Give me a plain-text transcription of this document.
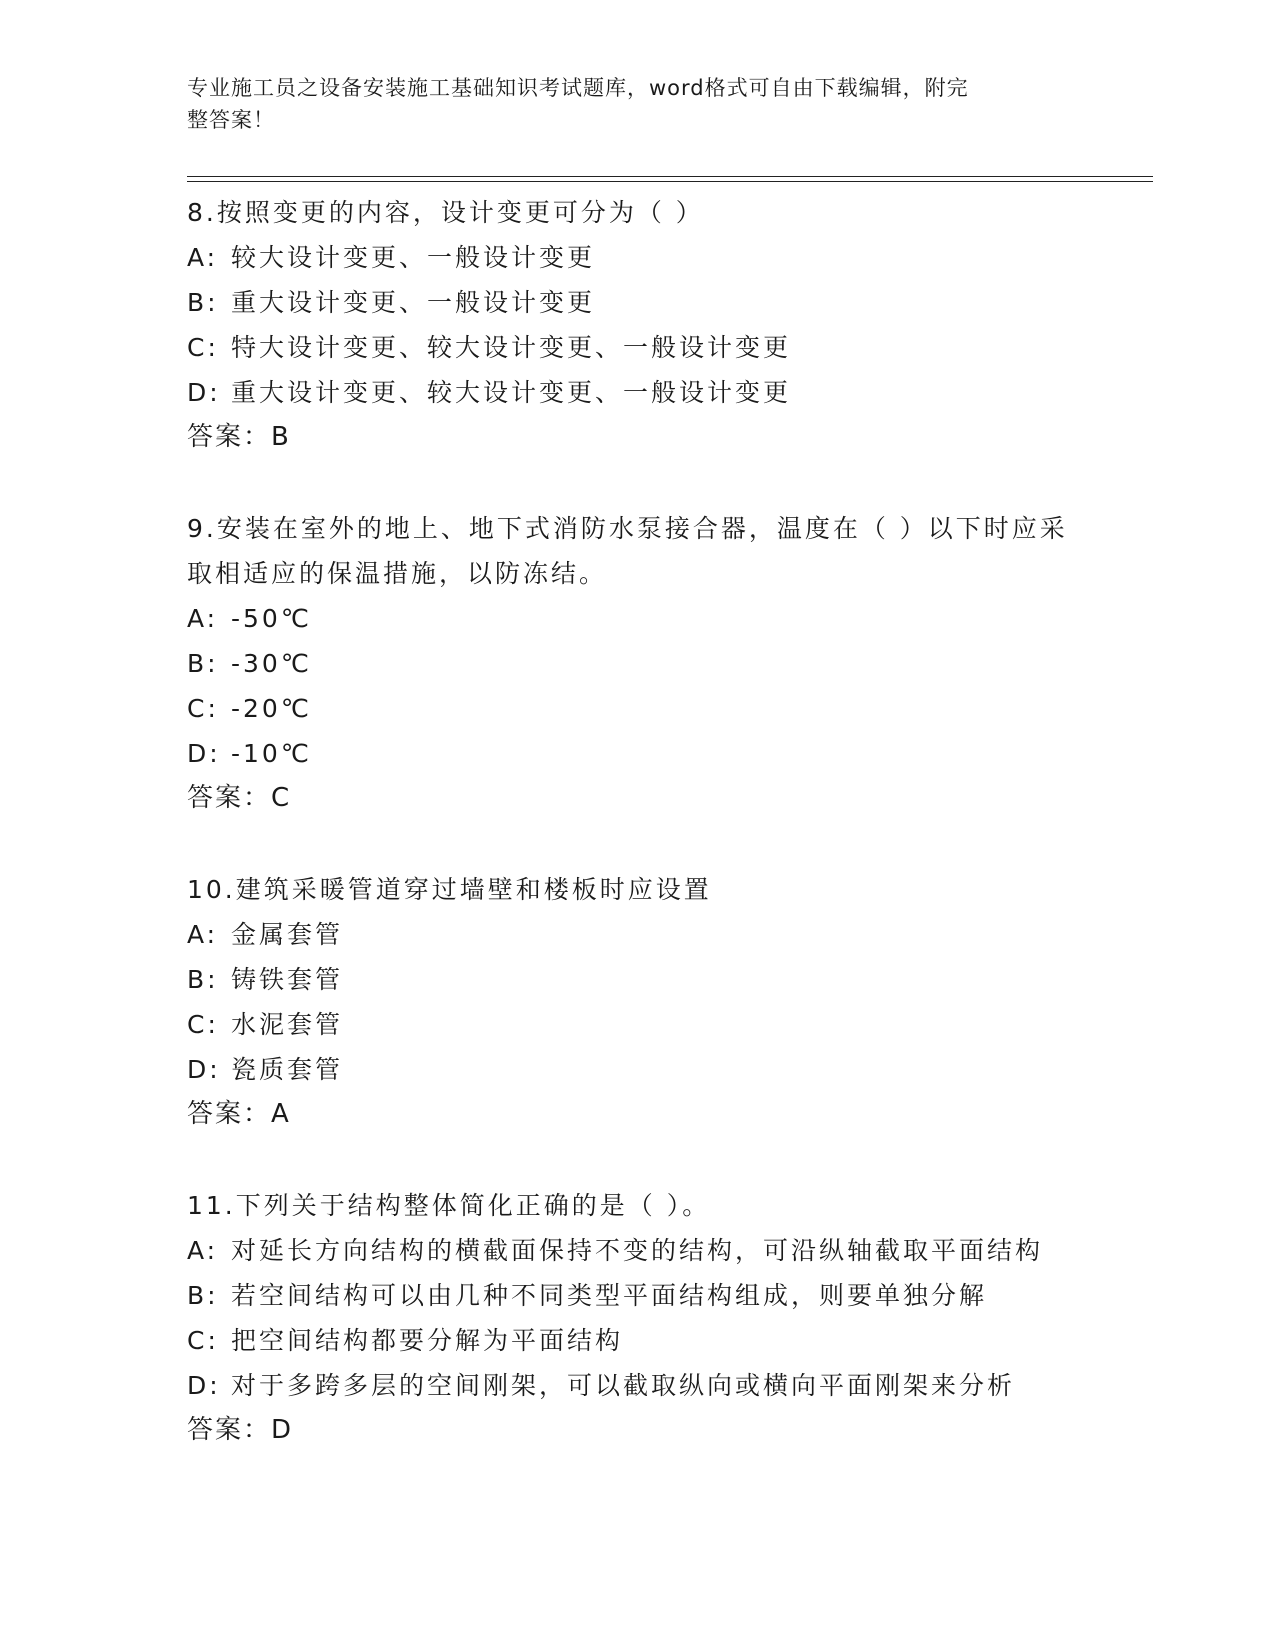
专业施工员之设备安装施工基础知识考试题库，word格式可自由下载编辑，附完
整答案！

8.按照变更的内容，设计变更可分为（ ）

A: 较大设计变更、一般设计变更
B: 重大设计变更、一般设计变更
C: 特大设计变更、较大设计变更、一般设计变更
D: 重大设计变更、较大设计变更、一般设计变更

答案：B

9.安装在室外的地上、地下式消防水泵接合器，温度在（ ）以下时应采取相适应的保温措施，以防冻结。

A: -50℃
B: -30℃
C: -20℃
D: -10℃

答案：C

10.建筑采暖管道穿过墙壁和楼板时应设置

A: 金属套管
B: 铸铁套管
C: 水泥套管
D: 瓷质套管

答案：A

11.下列关于结构整体简化正确的是（ ）。

A: 对延长方向结构的横截面保持不变的结构，可沿纵轴截取平面结构
B: 若空间结构可以由几种不同类型平面结构组成，则要单独分解
C: 把空间结构都要分解为平面结构
D: 对于多跨多层的空间刚架，可以截取纵向或横向平面刚架来分析

答案：D
